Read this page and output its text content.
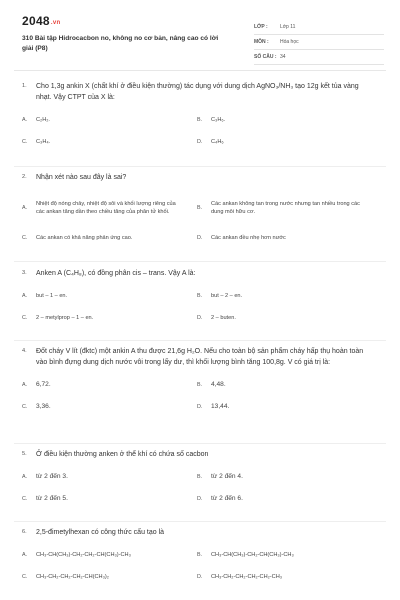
2048.vn
310 Bài tập Hidrocacbon no, không no cơ bản, nâng cao có lời giải (P8)
LỚP :	Lớp 11
MÔN :	Hóa học
SỐ CÂU : 34
1.	Cho 1,3g ankin X (chất khí ở điều kiện thường) tác dụng với dung dịch AgNO₃/NH₃ tạo 12g kết tủa vàng nhạt. Vậy CTPT của X là:
A.	C₂H₂.	B.	C₃H₆.
C.	C₃H₄.	D.	C₄H₆
2.	Nhận xét nào sau đây là sai?
A.
Nhiệt độ nóng chảy, nhiệt độ sôi và khối lượng riêng của các ankan tăng dần theo chiều tăng của phân tử khối.
B.
Các ankan không tan trong nước nhưng tan nhiều trong các dung môi hữu cơ.
C.	Các ankan có khả năng phản ứng cao.	D.	Các ankan đều nhẹ hơn nước
3.	Anken A (C₄H₈), có đồng phân cis – trans. Vậy A là:
A.	but – 1 – en.	B.	but – 2 – en.
C.	2 – metylprop – 1 – en.	D.	2 – buten.
4.	Đốt cháy V lít (đktc) một ankin A thu được 21,6g H₂O. Nếu cho toàn bộ sản phẩm cháy hấp thụ hoàn toàn vào bình đựng dung dịch nước vôi trong lấy dư, thì khối lượng bình tăng 100,8g. V có giá trị là:
A.	6,72.	B.	4,48.
C.	3,36.	D.	13,44.
5.	Ở điều kiện thường anken ở thể khí có chứa số cacbon
A.	từ 2 đến 3.	B.	từ 2 đến 4.
C.	từ 2 đến 5.	D.	từ 2 đến 6.
6.	2,5-đimetylhexan có công thức cấu tạo là
A.	CH₃-CH(CH₃)-CH₂-CH₂-CH(CH₃)-CH₃	B.	CH₃-CH(CH₃)-CH₂-CH(CH₃)-CH₃
C.	CH₃-CH₂-CH₂-CH₂-CH(CH₃)₂	D.	CH₃-CH₂-CH₂-CH₂-CH₂-CH₃
